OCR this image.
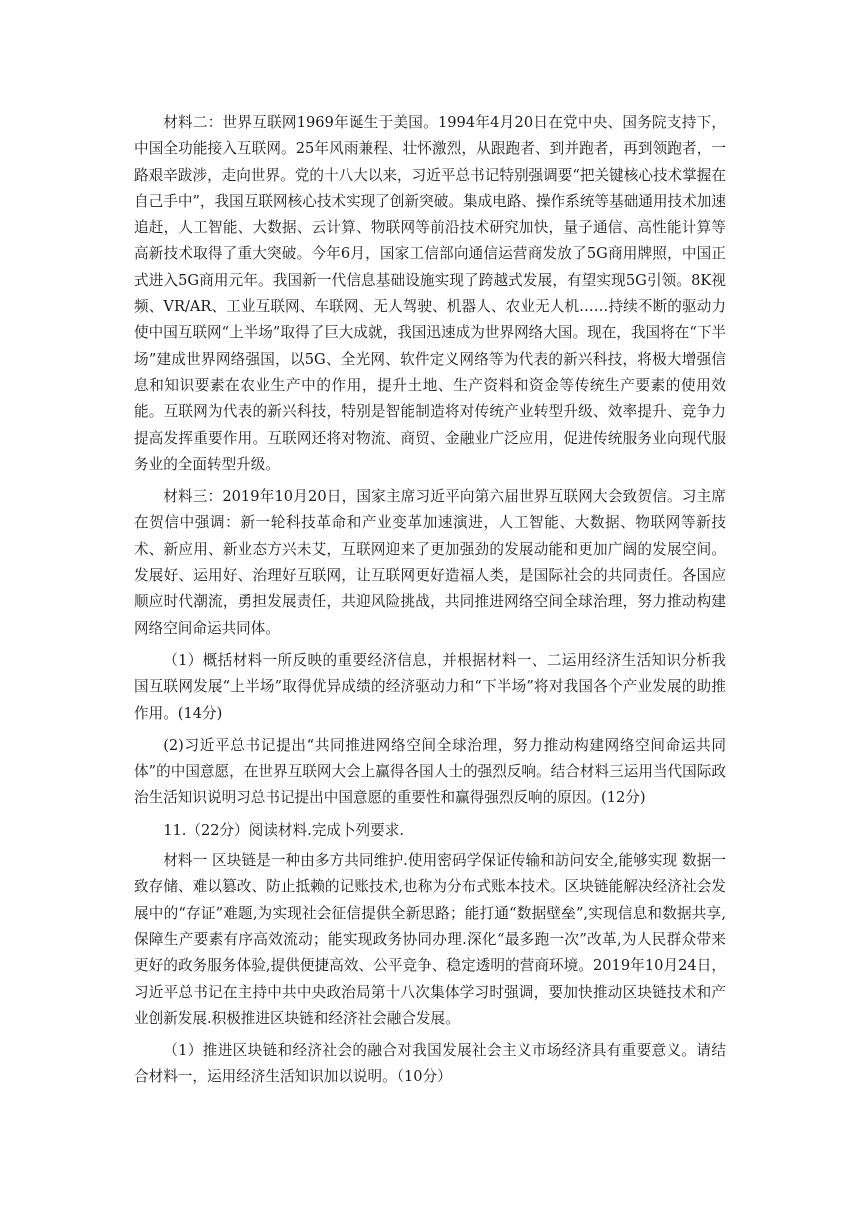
材料二：世界互联网1969年诞生于美国。1994年4月20日在党中央、国务院支持下，中国全功能接入互联网。25年风雨兼程、壮怀激烈，从跟跑者、到并跑者，再到领跑者，一路艰辛跋涉，走向世界。党的十八大以来，习近平总书记特别强调要“把关键核心技术掌握在自己手中”，我国互联网核心技术实现了创新突破。集成电路、操作系统等基础通用技术加速追赶，人工智能、大数据、云计算、物联网等前沿技术研究加快，量子通信、高性能计算等高新技术取得了重大突破。今年6月，国家工信部向通信运营商发放了5G商用牌照，中国正式进入5G商用元年。我国新一代信息基础设施实现了跨越式发展，有望实现5G引领。8K视频、VR/AR、工业互联网、车联网、无人驾驶、机器人、农业无人机……持续不断的驱动力使中国互联网“上半场”取得了巨大成就，我国迅速成为世界网络大国。现在，我国将在“下半场”建成世界网络强国，以5G、全光网、软件定义网络等为代表的新兴科技，将极大增强信息和知识要素在农业生产中的作用，提升土地、生产资料和资金等传统生产要素的使用效能。互联网为代表的新兴科技，特别是智能制造将对传统产业转型升级、效率提升、竞争力提高发挥重要作用。互联网还将对物流、商贸、金融业广泛应用，促进传统服务业向现代服务业的全面转型升级。

材料三：2019年10月20日，国家主席习近平向第六届世界互联网大会致贺信。习主席在贺信中强调：新一轮科技革命和产业变革加速演进，人工智能、大数据、物联网等新技术、新应用、新业态方兴未艾，互联网迎来了更加强劲的发展动能和更加广阔的发展空间。发展好、运用好、治理好互联网，让互联网更好造福人类，是国际社会的共同责任。各国应顺应时代潮流，勇担发展责任，共迎风险挑战，共同推进网络空间全球治理，努力推动构建网络空间命运共同体。

（1）概括材料一所反映的重要经济信息，并根据材料一、二运用经济生活知识分析我国互联网发展“上半场”取得优异成绩的经济驱动力和“下半场”将对我国各个产业发展的助推作用。(14分)

(2)习近平总书记提出“共同推进网络空间全球治理，努力推动构建网络空间命运共同体”的中国意愿，在世界互联网大会上赢得各国人士的强烈反响。结合材料三运用当代国际政治生活知识说明习总书记提出中国意愿的重要性和赢得强烈反响的原因。(12分)

11.（22分）阅读材料.完成卜列要求.

材料一 区块链是一种由多方共同维护.使用密码学保证传输和訪问安全,能够实现 数据一致存储、难以篡改、防止抵赖的记账技术,也称为分布式账本技术。区块链能解决经济社会发展中的“存证”难题,为实现社会征信提供全新思路；能打通“数据壁垒”,实现信息和数据共享,保障生产要素有序高效流动；能实现政务协同办理.深化“最多跑一次”改革,为人民群众带来更好的政务服务体验,提供便捷高效、公平竞争、稳定透明的营商环境。2019年10月24日，习近平总书记在主持中共中央政治局第十八次集体学习时强调，要加快推动区块链技术和产业创新发展.积极推进区块链和经济社会融合发展。

（1）推进区块链和经济社会的融合对我国发展社会主义市场经济具有重要意义。请结合材料一，运用经济生活知识加以说明。（10分）
